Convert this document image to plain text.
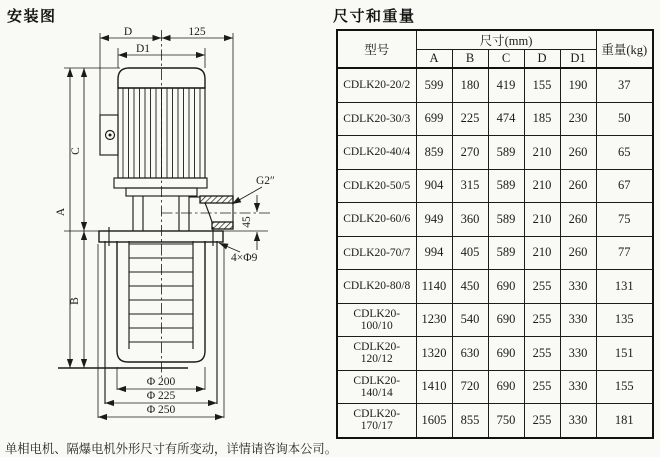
安装图	尺寸和重量
D	125
D1
A
C
B
45
G2″
4×Φ9
Φ 200
Φ 225
Φ 250
型号	尺寸(mm)					重量(kg)
	A	B	C	D	D1	
CDLK20-20/2	599	180	419	155	190	37
CDLK20-30/3	699	225	474	185	230	50
CDLK20-40/4	859	270	589	210	260	65
CDLK20-50/5	904	315	589	210	260	67
CDLK20-60/6	949	360	589	210	260	75
CDLK20-70/7	994	405	589	210	260	77
CDLK20-80/8	1140	450	690	255	330	131
CDLK20-100/10	1230	540	690	255	330	135
CDLK20-120/12	1320	630	690	255	330	151
CDLK20-140/14	1410	720	690	255	330	155
CDLK20-170/17	1605	855	750	255	330	181

单相电机、隔爆电机外形尺寸有所变动，详情请咨询本公司。
